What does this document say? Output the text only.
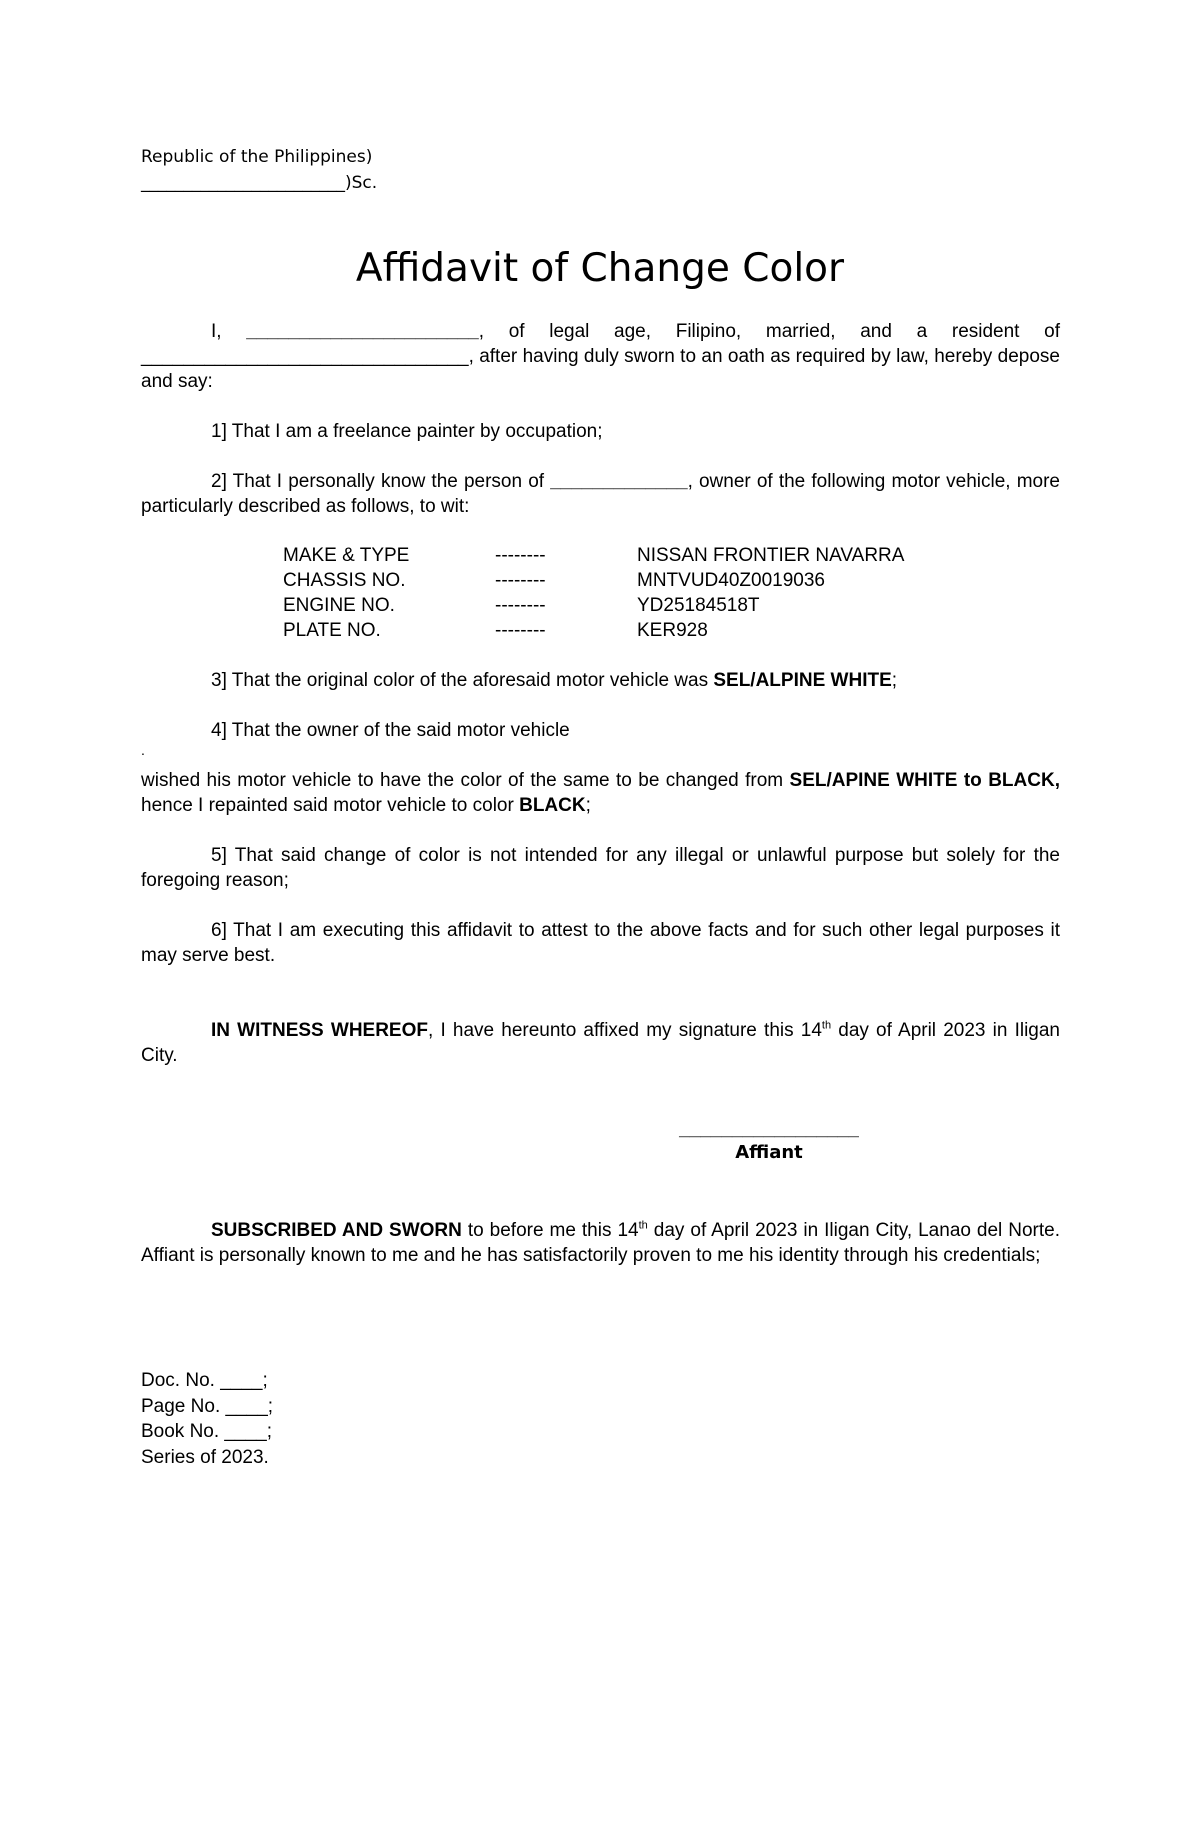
Republic of the Philippines)
________________________)Sc.
Affidavit of Change Color
I, ______________________, of legal age, Filipino, married, and a resident of _______________________________, after having duly sworn to an oath as required by law, hereby depose and say:
1] That I am a freelance painter by occupation;
2] That I personally know the person of _____________, owner of the following motor vehicle, more particularly described as follows, to wit:
MAKE & TYPE	--------	NISSAN FRONTIER NAVARRA
CHASSIS NO.	--------	MNTVUD40Z0019036
ENGINE NO.	--------	YD25184518T
PLATE NO.	--------	KER928
3] That the original color of the aforesaid motor vehicle was SEL/ALPINE WHITE;
4] That the owner of the said motor vehicle
.
wished his motor vehicle to have the color of the same to be changed from SEL/APINE WHITE to BLACK, hence I repainted said motor vehicle to color BLACK;
5] That said change of color is not intended for any illegal or unlawful purpose but solely for the foregoing reason;
6] That I am executing this affidavit to attest to the above facts and for such other legal purposes it may serve best.
IN WITNESS WHEREOF, I have hereunto affixed my signature this 14th day of April 2023 in Iligan City.
_________________
Affiant
SUBSCRIBED AND SWORN to before me this 14th day of April 2023 in Iligan City, Lanao del Norte. Affiant is personally known to me and he has satisfactorily proven to me his identity through his credentials;
Doc. No. ____;
Page No. ____;
Book No. ____;
Series of 2023.
